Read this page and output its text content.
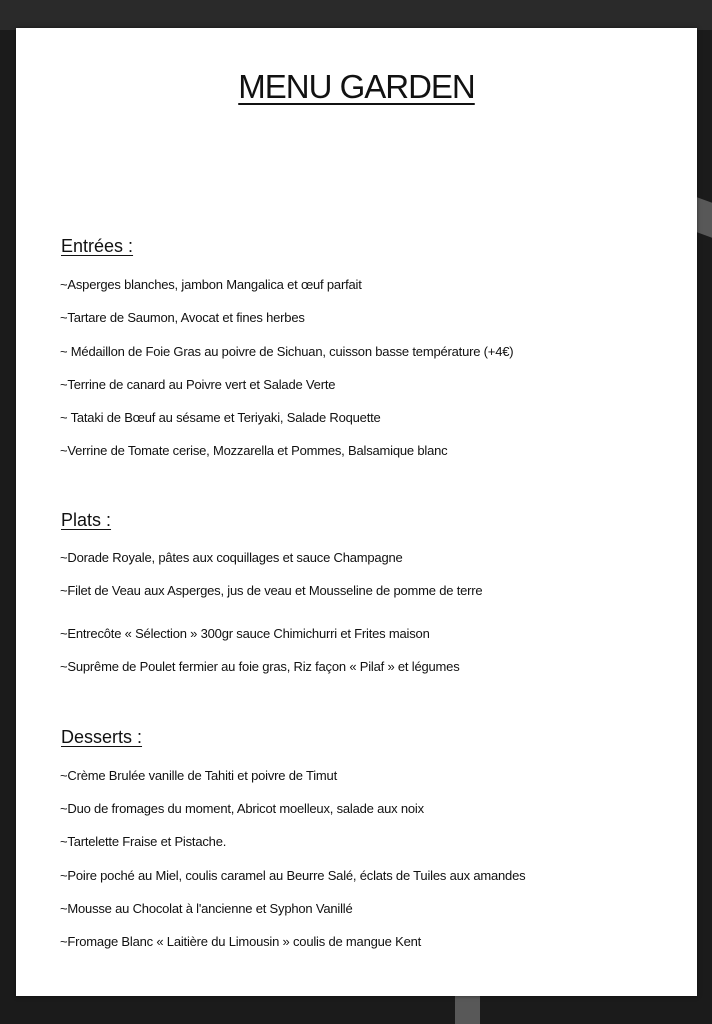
MENU GARDEN
Entrées :

~Asperges blanches, jambon Mangalica et œuf parfait

~Tartare de Saumon, Avocat et fines herbes

~ Médaillon de Foie Gras au poivre de Sichuan, cuisson basse température (+4€)

~Terrine de canard au Poivre vert et Salade Verte

~ Tataki de Bœuf au sésame et Teriyaki, Salade Roquette

~Verrine de Tomate cerise, Mozzarella et Pommes, Balsamique blanc

Plats :

~Dorade Royale, pâtes aux coquillages et sauce Champagne

~Filet de Veau aux Asperges, jus de veau et Mousseline de pomme de terre

~Entrecôte « Sélection » 300gr sauce Chimichurri et Frites maison

~Suprême de Poulet fermier au foie gras, Riz façon « Pilaf » et légumes

Desserts :

~Crème Brulée vanille de Tahiti et poivre de Timut

~Duo de fromages du moment, Abricot moelleux, salade aux noix

~Tartelette Fraise et Pistache.

~Poire poché au Miel, coulis caramel au Beurre Salé, éclats de Tuiles aux amandes

~Mousse au Chocolat à l'ancienne et Syphon Vanillé

~Fromage Blanc « Laitière du Limousin » coulis de mangue Kent
